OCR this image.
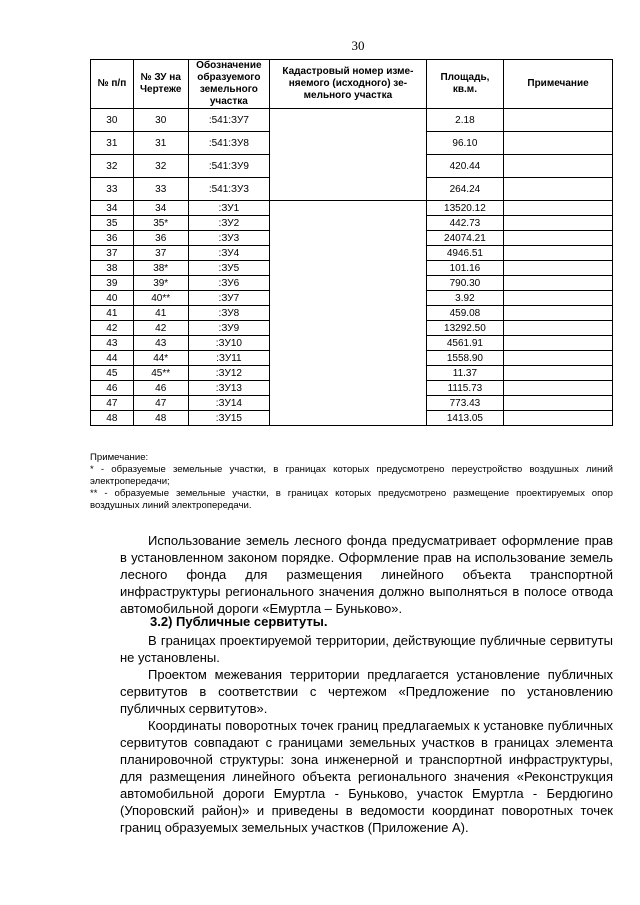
30
№ п/п	№ ЗУ на Чертеже	Обозначение образуемого земельного участка	Кадастровый номер изме-няемого (исходного) зе-мельного участка	Площадь, кв.м.	Примечание
30	30	:541:ЗУ7		2.18	
31	31	:541:ЗУ8		96.10	
32	32	:541:ЗУ9		420.44	
33	33	:541:ЗУ3		264.24	
34	34	:ЗУ1		13520.12	
35	35*	:ЗУ2		442.73	
36	36	:ЗУ3		24074.21	
37	37	:ЗУ4		4946.51	
38	38*	:ЗУ5		101.16	
39	39*	:ЗУ6		790.30	
40	40**	:ЗУ7		3.92	
41	41	:ЗУ8		459.08	
42	42	:ЗУ9		13292.50	
43	43	:ЗУ10		4561.91	
44	44*	:ЗУ11		1558.90	
45	45**	:ЗУ12		11.37	
46	46	:ЗУ13		1115.73	
47	47	:ЗУ14		773.43	
48	48	:ЗУ15		1413.05	

Примечание:

* - образуемые земельные участки, в границах которых предусмотрено переустройство воздушных линий электропередачи;

** - образуемые земельные участки, в границах которых предусмотрено размещение проектируемых опор воздушных линий электропередачи.

Использование земель лесного фонда предусматривает оформление прав в установленном законом порядке. Оформление прав на использование земель лесного фонда для размещения линейного объекта транспортной инфраструктуры регионального значения должно выполняться в полосе отвода автомобильной дороги «Емуртла – Буньково».

3.2) Публичные сервитуты.

В границах проектируемой территории, действующие публичные сервитуты не установлены.

Проектом межевания территории предлагается установление публичных сервитутов в соответствии с чертежом «Предложение по установлению публичных сервитутов».

Координаты поворотных точек границ предлагаемых к установке публичных сервитутов совпадают с границами земельных участков в границах элемента планировочной структуры: зона инженерной и транспортной инфраструктуры, для размещения линейного объекта регионального значения «Реконструкция автомобильной дороги Емуртла - Буньково, участок Емуртла - Бердюгино (Упоровский район)» и приведены в ведомости координат поворотных точек границ образуемых земельных участков (Приложение А).
